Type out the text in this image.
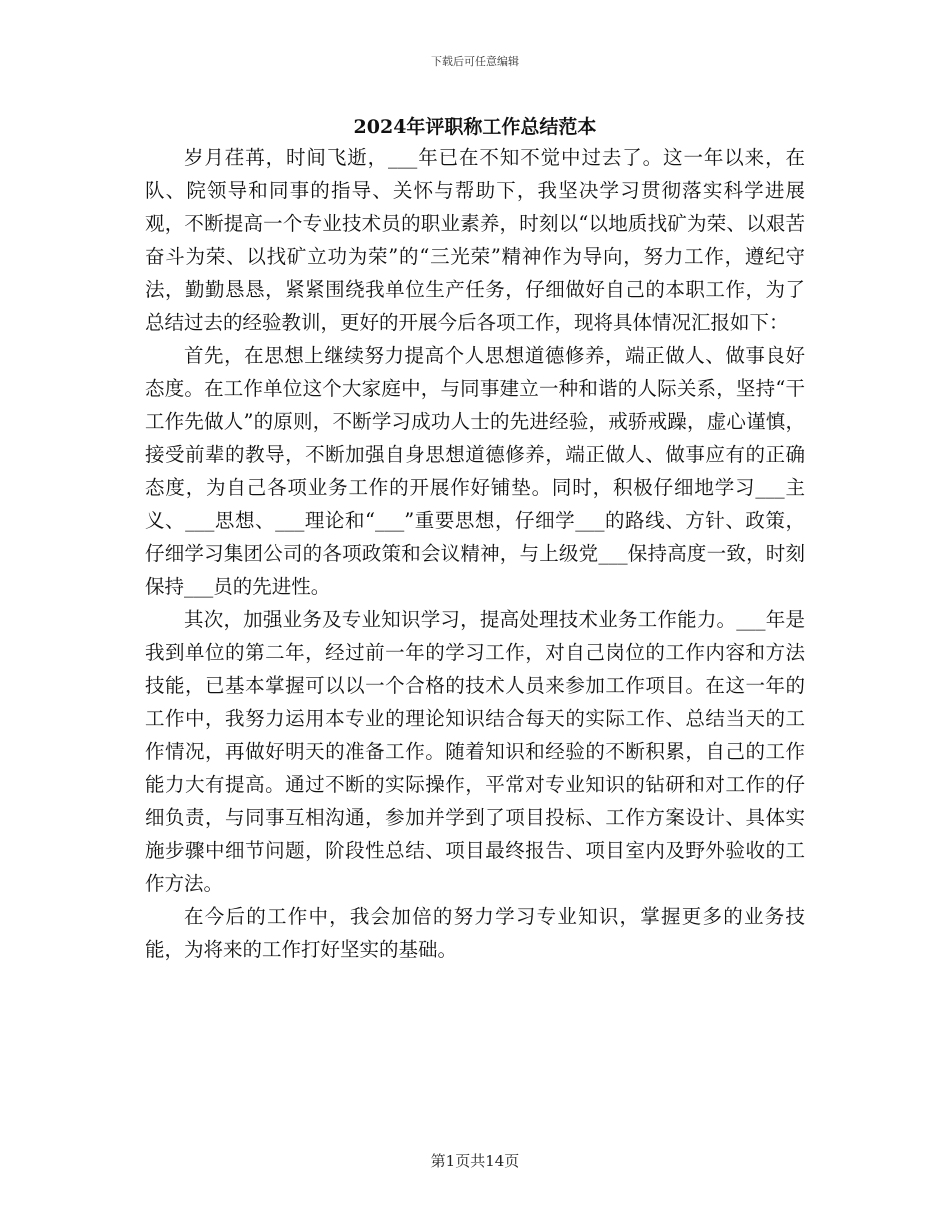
下载后可任意编辑
2024年评职称工作总结范本

岁月荏苒，时间飞逝，___年已在不知不觉中过去了。这一年以来，在队、院领导和同事的指导、关怀与帮助下，我坚决学习贯彻落实科学进展观，不断提高一个专业技术员的职业素养，时刻以“以地质找矿为荣、以艰苦奋斗为荣、以找矿立功为荣”的“三光荣”精神作为导向，努力工作，遵纪守法，勤勤恳恳，紧紧围绕我单位生产任务，仔细做好自己的本职工作，为了总结过去的经验教训，更好的开展今后各项工作，现将具体情况汇报如下：

首先，在思想上继续努力提高个人思想道德修养，端正做人、做事良好态度。在工作单位这个大家庭中，与同事建立一种和谐的人际关系，坚持“干工作先做人”的原则，不断学习成功人士的先进经验，戒骄戒躁，虚心谨慎，接受前辈的教导，不断加强自身思想道德修养，端正做人、做事应有的正确态度，为自己各项业务工作的开展作好铺垫。同时，积极仔细地学习___主义、___思想、___理论和“___”重要思想，仔细学___的路线、方针、政策，仔细学习集团公司的各项政策和会议精神，与上级党___保持高度一致，时刻保持___员的先进性。

其次，加强业务及专业知识学习，提高处理技术业务工作能力。___年是我到单位的第二年，经过前一年的学习工作，对自己岗位的工作内容和方法技能，已基本掌握可以以一个合格的技术人员来参加工作项目。在这一年的工作中，我努力运用本专业的理论知识结合每天的实际工作、总结当天的工作情况，再做好明天的准备工作。随着知识和经验的不断积累，自己的工作能力大有提高。通过不断的实际操作，平常对专业知识的钻研和对工作的仔细负责，与同事互相沟通，参加并学到了项目投标、工作方案设计、具体实施步骤中细节问题，阶段性总结、项目最终报告、项目室内及野外验收的工作方法。

在今后的工作中，我会加倍的努力学习专业知识，掌握更多的业务技能，为将来的工作打好坚实的基础。

第1页共14页
